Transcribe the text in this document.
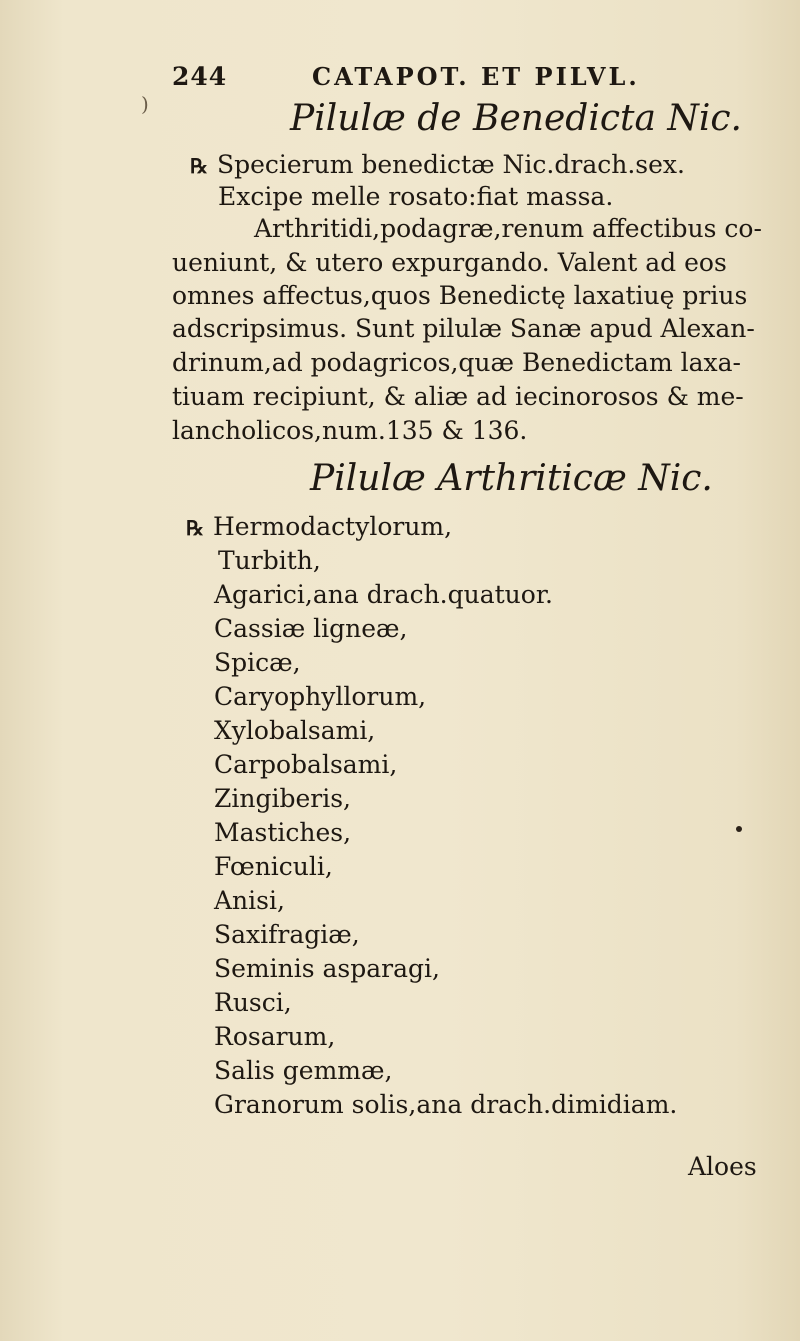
)
244	CATAPOT. ET PILVL.
Pilulæ de Benedicta Nic.
℞ Specierum benedictæ Nic.drach.sex.
Excipe melle rosato:fiat massa.
Arthritidi,podagræ,renum affectibus co-
ueniunt, & utero expurgando. Valent ad eos
omnes affectus,quos Benedictę laxatiuę prius
adscripsimus. Sunt pilulæ Sanæ apud Alexan-
drinum,ad podagricos,quæ Benedictam laxa-
tiuam recipiunt, & aliæ ad iecinorosos & me-
lancholicos,num.135 & 136.
Pilulæ Arthriticæ Nic.
℞ Hermodactylorum,
Turbith,
Agarici,ana drach.quatuor.
Cassiæ ligneæ,
Spicæ,
Caryophyllorum,
Xylobalsami,
Carpobalsami,
Zingiberis,
Mastiches,
Fœniculi,
Anisi,
Saxifragiæ,
Seminis asparagi,
Rusci,
Rosarum,
Salis gemmæ,
Granorum solis,ana drach.dimidiam.
Aloes
